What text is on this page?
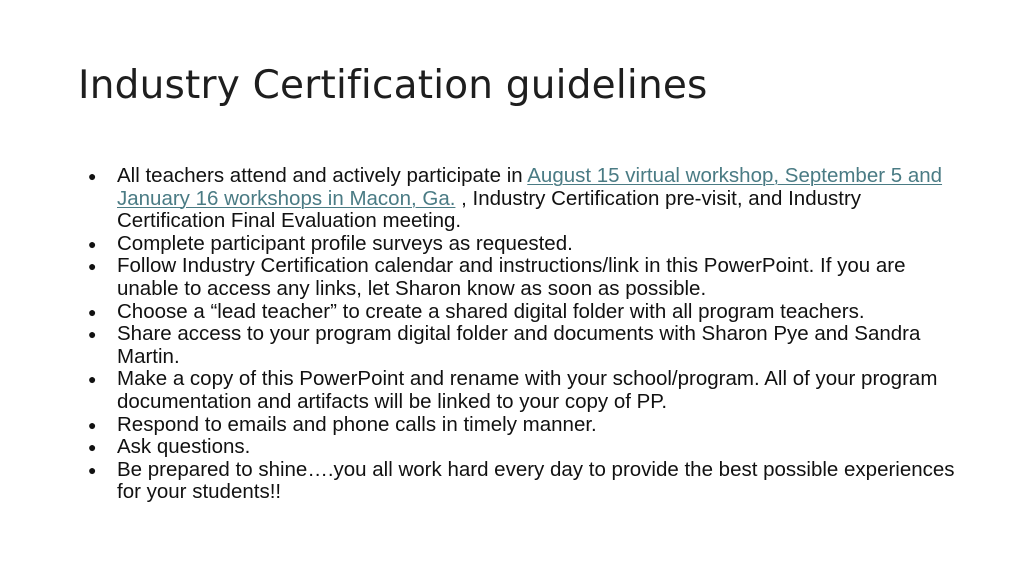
Industry Certification guidelines
● All teachers attend and actively participate in August 15 virtual workshop, September 5 and January 16 workshops in Macon, Ga. , Industry Certification pre-visit, and Industry Certification Final Evaluation meeting.
● Complete participant profile surveys as requested.
● Follow Industry Certification calendar and instructions/link in this PowerPoint. If you are unable to access any links, let Sharon know as soon as possible.
● Choose a “lead teacher” to create a shared digital folder with all program teachers.
● Share access to your program digital folder and documents with Sharon Pye and Sandra Martin.
● Make a copy of this PowerPoint and rename with your school/program. All of your program documentation and artifacts will be linked to your copy of PP.
● Respond to emails and phone calls in timely manner.
● Ask questions.
● Be prepared to shine….you all work hard every day to provide the best possible experiences for your students!!
